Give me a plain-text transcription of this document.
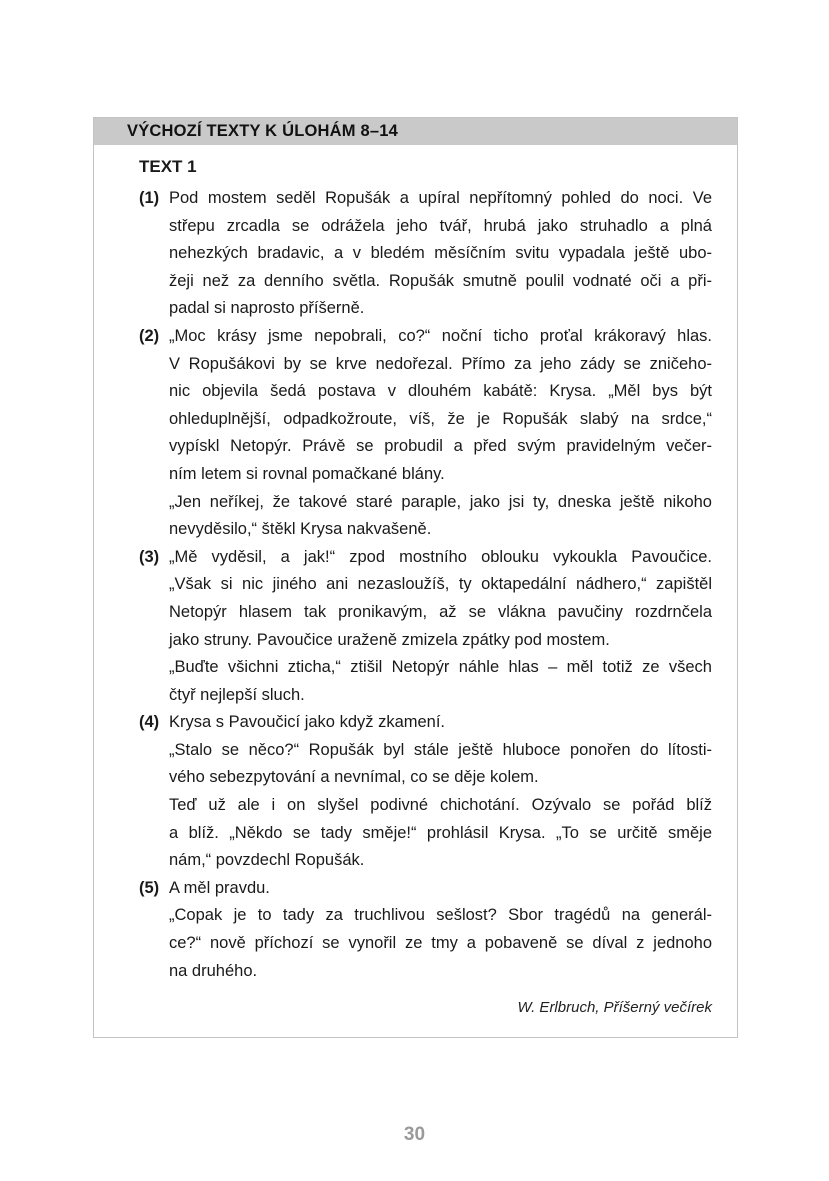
VÝCHOZÍ TEXTY K ÚLOHÁM 8–14
TEXT 1
(1) Pod mostem seděl Ropušák a upíral nepřítomný pohled do noci. Ve
střepu zrcadla se odrážela jeho tvář, hrubá jako struhadlo a plná
nehezkých bradavic, a v bledém měsíčním svitu vypadala ještě ubo-
žeji než za denního světla. Ropušák smutně poulil vodnaté oči a při-
padal si naprosto příšerně.
(2) „Moc krásy jsme nepobrali, co?“ noční ticho proťal krákoravý hlas.
V Ropušákovi by se krve nedořezal. Přímo za jeho zády se zničeho-
nic objevila šedá postava v dlouhém kabátě: Krysa. „Měl bys být
ohleduplnější, odpadkožroute, víš, že je Ropušák slabý na srdce,“
vypískl Netopýr. Právě se probudil a před svým pravidelným večer-
ním letem si rovnal pomačkané blány.
„Jen neříkej, že takové staré paraple, jako jsi ty, dneska ještě nikoho
nevyděsilo,“ štěkl Krysa nakvašeně.
(3) „Mě vyděsil, a jak!“ zpod mostního oblouku vykoukla Pavoučice.
„Však si nic jiného ani nezasloužíš, ty oktapedální nádhero,“ zapištěl
Netopýr hlasem tak pronikavým, až se vlákna pavučiny rozdrnčela
jako struny. Pavoučice uraženě zmizela zpátky pod mostem.
„Buďte všichni zticha,“ ztišil Netopýr náhle hlas – měl totiž ze všech
čtyř nejlepší sluch.
(4) Krysa s Pavoučicí jako když zkamení.
„Stalo se něco?“ Ropušák byl stále ještě hluboce ponořen do lítosti-
vého sebezpytování a nevnímal, co se děje kolem.
Teď už ale i on slyšel podivné chichotání. Ozývalo se pořád blíž
a blíž. „Někdo se tady směje!“ prohlásil Krysa. „To se určitě směje
nám,“ povzdechl Ropušák.
(5) A měl pravdu.
„Copak je to tady za truchlivou sešlost? Sbor tragédů na generál-
ce?“ nově příchozí se vynořil ze tmy a pobaveně se díval z jednoho
na druhého.
W. Erlbruch, Příšerný večírek
30
